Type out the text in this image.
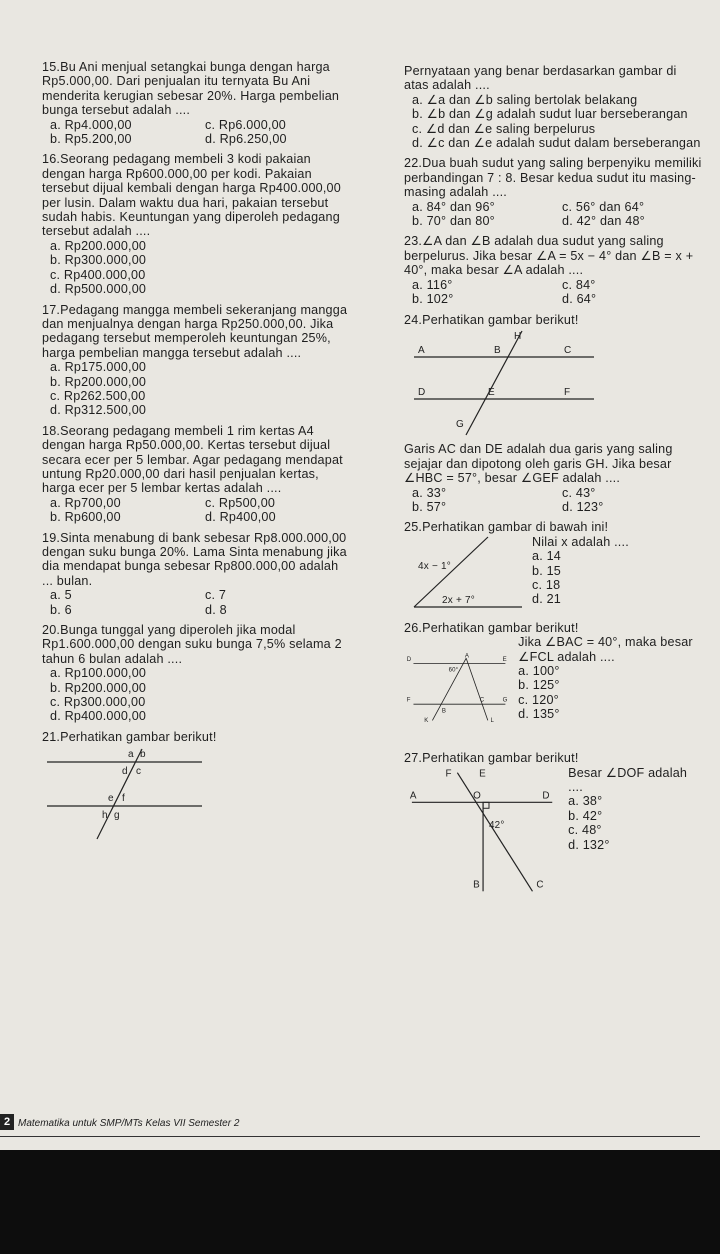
15.Bu Ani menjual setangkai bunga dengan harga Rp5.000,00. Dari penjualan itu ternyata Bu Ani menderita kerugian sebesar 20%. Harga pembelian bunga tersebut adalah ....
a. Rp4.000,00	c. Rp6.000,00
b. Rp5.200,00	d. Rp6.250,00
16.Seorang pedagang membeli 3 kodi pakaian dengan harga Rp600.000,00 per kodi. Pakaian tersebut dijual kembali dengan harga Rp400.000,00 per lusin. Dalam waktu dua hari, pakaian tersebut sudah habis. Keuntungan yang diperoleh pedagang tersebut adalah ....
a. Rp200.000,00
b. Rp300.000,00
c. Rp400.000,00
d. Rp500.000,00
17.Pedagang mangga membeli sekeranjang mangga dan menjualnya dengan harga Rp250.000,00. Jika pedagang tersebut memperoleh keuntungan 25%, harga pembelian mangga tersebut adalah ....
a. Rp175.000,00
b. Rp200.000,00
c. Rp262.500,00
d. Rp312.500,00
18.Seorang pedagang membeli 1 rim kertas A4 dengan harga Rp50.000,00. Kertas tersebut dijual secara ecer per 5 lembar. Agar pedagang mendapat untung Rp20.000,00 dari hasil penjualan kertas, harga ecer per 5 lembar kertas adalah ....
a. Rp700,00	c. Rp500,00
b. Rp600,00	d. Rp400,00
19.Sinta menabung di bank sebesar Rp8.000.000,00 dengan suku bunga 20%. Lama Sinta menabung jika dia mendapat bunga sebesar Rp800.000,00 adalah ... bulan.
a. 5	c. 7
b. 6	d. 8
20.Bunga tunggal yang diperoleh jika modal Rp1.600.000,00 dengan suku bunga 7,5% selama 2 tahun 6 bulan adalah ....
a. Rp100.000,00
b. Rp200.000,00
c. Rp300.000,00
d. Rp400.000,00
21.Perhatikan gambar berikut!
a b
d c
e f
h g
Pernyataan yang benar berdasarkan gambar di atas adalah ....
a. ∠a dan ∠b saling bertolak belakang
b. ∠b dan ∠g adalah sudut luar berseberangan
c. ∠d dan ∠e saling berpelurus
d. ∠c dan ∠e adalah sudut dalam berseberangan
22.Dua buah sudut yang saling berpenyiku memiliki perbandingan 7 : 8. Besar kedua sudut itu masing-masing adalah ....
a. 84° dan 96°	c. 56° dan 64°
b. 70° dan 80°	d. 42° dan 48°
23.∠A dan ∠B adalah dua sudut yang saling berpelurus. Jika besar ∠A = 5x − 4° dan ∠B = x + 40°, maka besar ∠A adalah ....
a. 116°	c. 84°
b. 102°	d. 64°
24.Perhatikan gambar berikut!
H
A	B	C
D	E	F
G
Garis AC dan DE adalah dua garis yang saling sejajar dan dipotong oleh garis GH. Jika besar ∠HBC = 57°, besar ∠GEF adalah ....
a. 33°	c. 43°
b. 57°	d. 123°
25.Perhatikan gambar di bawah ini!
4x − 1°
2x + 7°
Nilai x adalah ....
a. 14
b. 15
c. 18
d. 21
26.Perhatikan gambar berikut!
D	A	E
60°
F
B
C G
K	L
Jika ∠BAC = 40°, maka besar ∠FCL adalah ....
a. 100°
b. 125°
c. 120°
d. 135°
27.Perhatikan gambar berikut!
F	E
A	O	D
42°
B	C
Besar ∠DOF adalah ....
a. 38°
b. 42°
c. 48°
d. 132°
2 Matematika untuk SMP/MTs Kelas VII Semester 2
